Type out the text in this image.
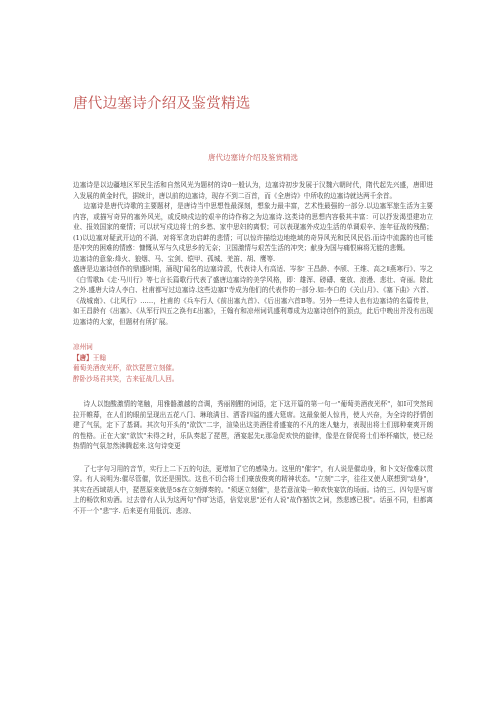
唐代边塞诗介绍及鉴赏精选
唐代边塞诗介绍及鉴赏精选

边塞诗是以边疆地区军民生活和自然风光为题材的诗0一般认为，边塞诗初步发展于汉魏六朝时代，隋代起先兴盛，唐即进入发展的黄金时代，据统计，唐以前的边塞诗，现存不到二百首，而《全唐诗》中所收的边塞诗就达两千余首。

边塞诗是唐代诗歌的主要题材，是唐诗当中思想性最深刻，想象力最丰富，艺术性最强的一部分.以边塞军旅生活为主要内容，或描写奇异的塞外风光，或反映戍边的艰辛的诗作称之为边塞诗.这类诗的思想内容极其丰富：可以抒发渴望建功立业、报效国家的豪情；可以状写戍边将士的乡愁、家中思妇的离恨；可以表现塞外戍边生活的单调艰辛、连年征战的残酷；(1)以边塞对疑武开边的不满、对将军贪功启衅的悲情；可以惊许描绘边地绝域的奇异风光和民风民俗.而诗中流露的也可能是冲突的困难的情感：慷慨从军与久戍思乡的无奈；卫国激情与艰苦生活的冲突；献身为国与痛恨麻将无能的悲慨。

边塞诗的意象:烽火、狼烟、马、宝剑、铠甲、孤城、羌笛、胡、鹰等.

盛唐是边塞诗创作的鼎盛时期，涌现J'闻名的边塞诗派，代表诗人有高适、岑参' 王昌龄、李颀、王维、高之ǁ燕寒行》、岑之《白雪歌h《走·马川行》等七言长篇歌行代表了盛唐边塞诗的美学风格，即：雄浑、磅礴、豪放、浪漫、悲壮、奇丽。除此之外.盛唐大诗人李白、杜甫都写过边塞诗.这些边塞I'寺成为他们的代表作的一部分.如:李白的《关山月》、《塞下曲》六首、《战城南》、《北风行》……，杜甫的《兵车行人《前出塞九首》、《后出塞六首B等。另外一些诗人也有边塞诗的名篇传世，如王昌龄有《出塞》、《从军行四五之涣有£出塞》，王翰有和凉州词讥盛利尊成为边塞诗创作的顶点，此后中晚出并没有出现边塞诗的大家，但题材有所扩展。

凉州词

【唐】王翰

葡萄美酒夜光杯，欲饮琵琶立刻催。

醉卧沙场君其笑，古来征战几人回。

诗人以饱酸激情的笔触，用雅骼激越的音调，秀丽刚酣的词语，定下这开篇的第一句一"葡萄美酒夜光杯"，如I可突然间拉开帷幕，在人们的眼前呈现出五花八门、琳琅满目、洒香四溢的盛大筵席。这最象便人惊肖，使人兴奋，为全诗的抒情创建了气氛，定下了基调。其次句开头的"欲饮"二字，渲染出这美酒佳肴盛宴的不凡的迷人魅力，表现出将士们那种豪爽开朗的性格。正在大家"欲饮"未得之时，乐队奏起了琵琶，酒宴起先r,那急促欢快的旋律，像是在督促将士们举杯痛饮，使已经热情的气氛忽然沸腾起来.这句诗变更

了七字句习用的音节，实行上二下五的句法，更增加了它的感染力。这里的"催字"，有人说是催动身，和卜文好像难以贯穿。有人说明为:催尽管催，饮还是照饮。这也不切合将士们豪放俊爽的精神状态。"立刻"二字，往往又使人联想到"动身"，其实在西域胡人中，琵琶原来就是5$在立刻弹奏的。"须逐立刻催"，是若意渲染一种欢快宴饮的场面。诗的三、四句是写席上的畅饮和劝酒。过去曾有人认为这两句"作旷达语，倍觉哀思"还有人说"故作豁饮之词，然悲感已极"。话虽不同，但都离不开一个"悲"字. 后来更有用低沉、悲凉、
